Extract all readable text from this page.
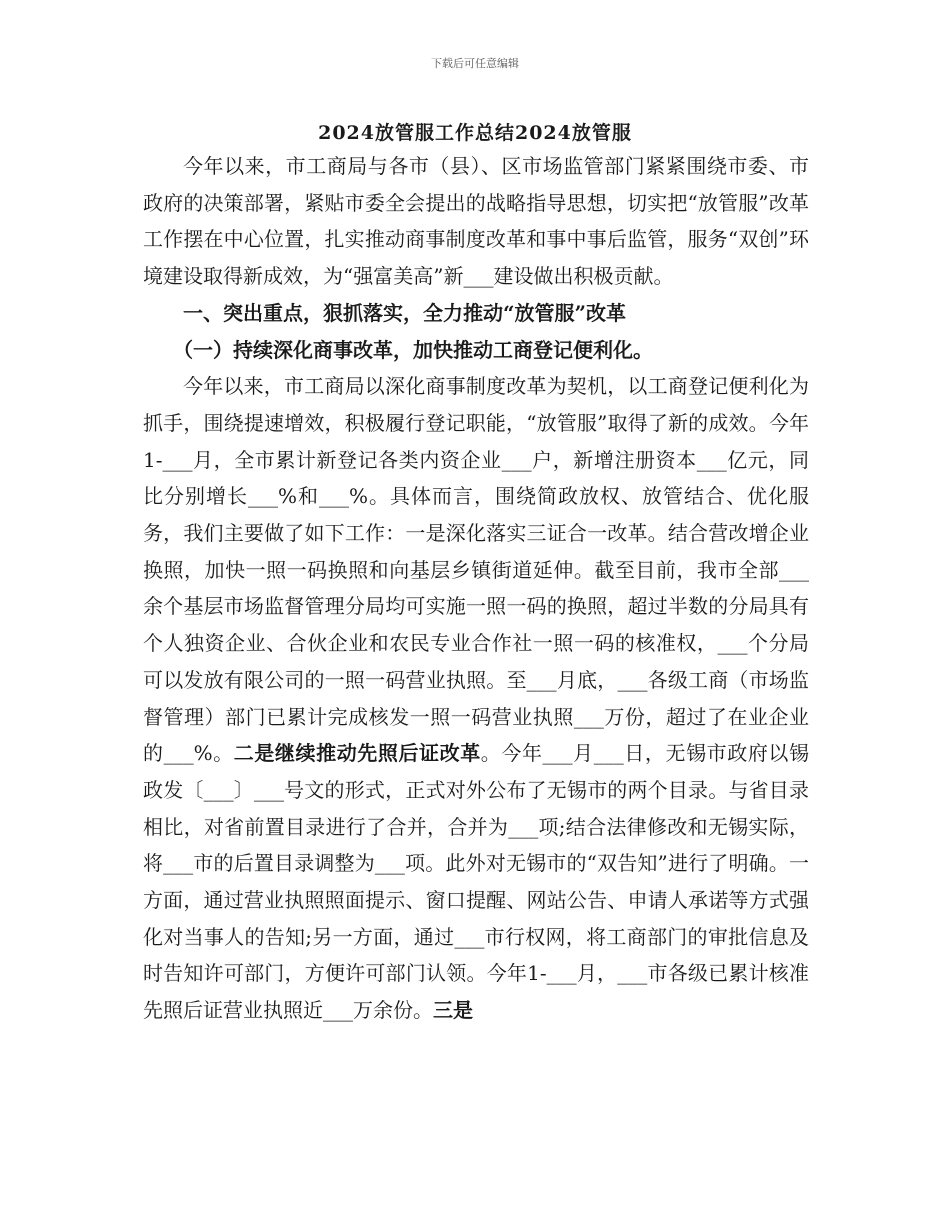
下载后可任意编辑
2024放管服工作总结2024放管服

今年以来，市工商局与各市（县）、区市场监管部门紧紧围绕市委、市政府的决策部署，紧贴市委全会提出的战略指导思想，切实把“放管服”改革工作摆在中心位置，扎实推动商事制度改革和事中事后监管，服务“双创”环境建设取得新成效，为“强富美高”新___建设做出积极贡献。

一、突出重点，狠抓落实，全力推动“放管服”改革

（一）持续深化商事改革，加快推动工商登记便利化。

今年以来，市工商局以深化商事制度改革为契机，以工商登记便利化为抓手，围绕提速增效，积极履行登记职能，“放管服”取得了新的成效。今年1-___月，全市累计新登记各类内资企业___户，新增注册资本___亿元，同比分别增长___%和___%。具体而言，围绕简政放权、放管结合、优化服务，我们主要做了如下工作：一是深化落实三证合一改革。结合营改增企业换照，加快一照一码换照和向基层乡镇街道延伸。截至目前，我市全部___余个基层市场监督管理分局均可实施一照一码的换照，超过半数的分局具有个人独资企业、合伙企业和农民专业合作社一照一码的核准权，___个分局可以发放有限公司的一照一码营业执照。至___月底，___各级工商（市场监督管理）部门已累计完成核发一照一码营业执照___万份，超过了在业企业的___%。二是继续推动先照后证改革。今年___月___日，无锡市政府以锡政发〔___〕___号文的形式，正式对外公布了无锡市的两个目录。与省目录相比，对省前置目录进行了合并，合并为___项;结合法律修改和无锡实际，将___市的后置目录调整为___项。此外对无锡市的“双告知”进行了明确。一方面，通过营业执照照面提示、窗口提醒、网站公告、申请人承诺等方式强化对当事人的告知;另一方面，通过___市行权网，将工商部门的审批信息及时告知许可部门，方便许可部门认领。今年1-___月，___市各级已累计核准先照后证营业执照近___万余份。三是
